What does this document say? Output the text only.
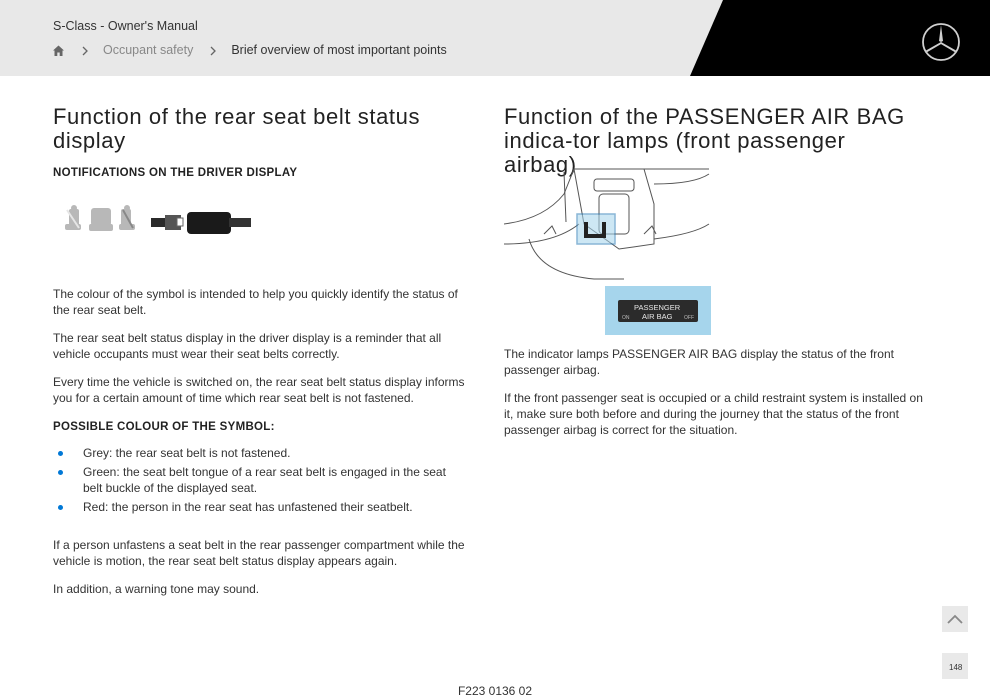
S-Class - Owner's Manual
Occupant safety	Brief overview of most important points
Function of the rear seat belt status display
NOTIFICATIONS ON THE DRIVER DISPLAY

The colour of the symbol is intended to help you quickly identify the status of the rear seat belt.

The rear seat belt status display in the driver display is a reminder that all vehicle occupants must wear their seat belts correctly.

Every time the vehicle is switched on, the rear seat belt status display informs you for a certain amount of time which rear seat belt is not fastened.

POSSIBLE COLOUR OF THE SYMBOL:
Grey: the rear seat belt is not fastened.
Green: the seat belt tongue of a rear seat belt is engaged in the seat belt buckle of the displayed seat.
Red: the person in the rear seat has unfastened their seatbelt.

If a person unfastens a seat belt in the rear passenger compartment while the vehicle is motion, the rear seat belt status display appears again.

In addition, a warning tone may sound.

Function of the PASSENGER AIR BAG indica-tor lamps (front passenger airbag)
PASSENGER
AIR BAG
ON	OFF

The indicator lamps PASSENGER AIR BAG display the status of the front passenger airbag.

If the front passenger seat is occupied or a child restraint system is installed on it, make sure both before and during the journey that the status of the front passenger airbag is correct for the situation.

148
F223 0136 02
